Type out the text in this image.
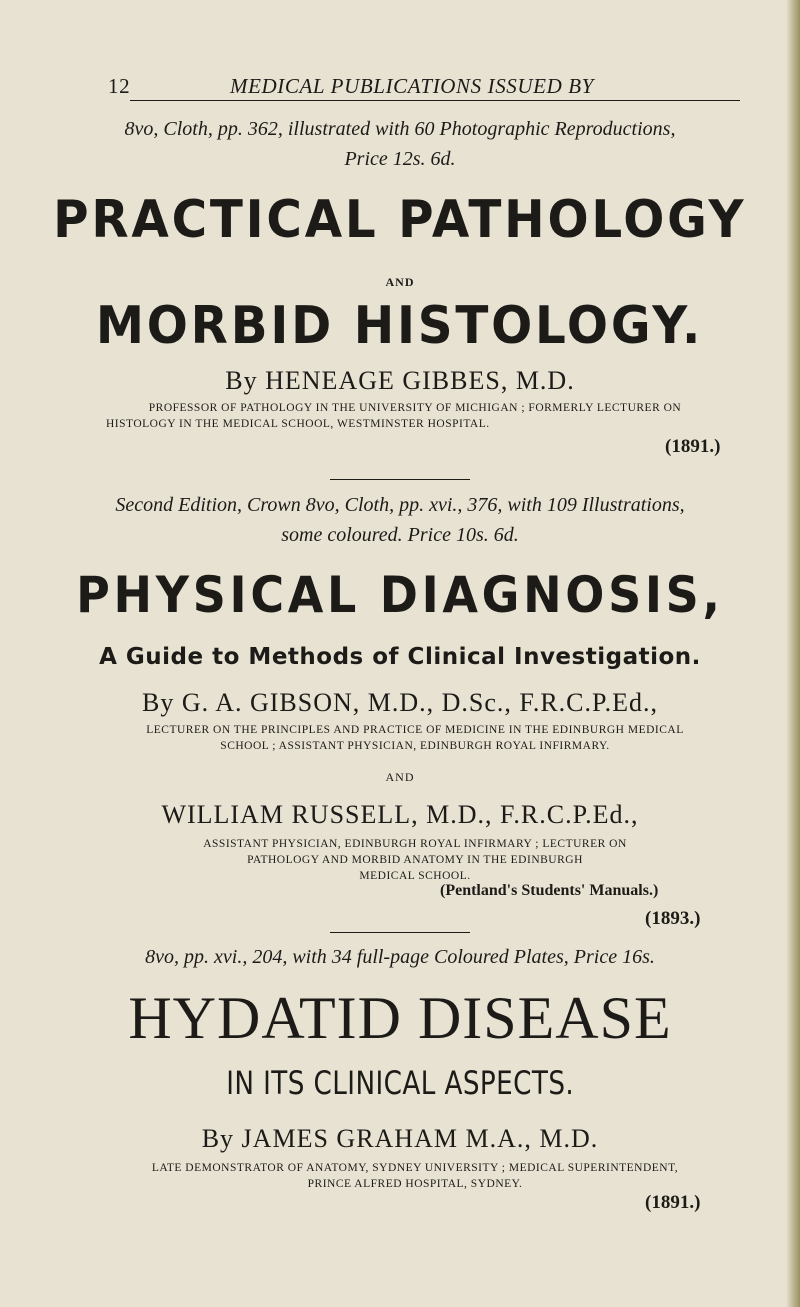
12	MEDICAL PUBLICATIONS ISSUED BY
8vo, Cloth, pp. 362, illustrated with 60 Photographic Reproductions,
Price 12s. 6d.
PRACTICAL PATHOLOGY
AND
MORBID HISTOLOGY.
By HENEAGE GIBBES, M.D.
PROFESSOR OF PATHOLOGY IN THE UNIVERSITY OF MICHIGAN ; FORMERLY LECTURER ON
HISTOLOGY IN THE MEDICAL SCHOOL, WESTMINSTER HOSPITAL.
(1891.)
Second Edition, Crown 8vo, Cloth, pp. xvi., 376, with 109 Illustrations,
some coloured. Price 10s. 6d.
PHYSICAL DIAGNOSIS,
A Guide to Methods of Clinical Investigation.
By G. A. GIBSON, M.D., D.Sc., F.R.C.P.Ed.,
LECTURER ON THE PRINCIPLES AND PRACTICE OF MEDICINE IN THE EDINBURGH MEDICAL
SCHOOL ; ASSISTANT PHYSICIAN, EDINBURGH ROYAL INFIRMARY.
AND
WILLIAM RUSSELL, M.D., F.R.C.P.Ed.,
ASSISTANT PHYSICIAN, EDINBURGH ROYAL INFIRMARY ; LECTURER ON
PATHOLOGY AND MORBID ANATOMY IN THE EDINBURGH
MEDICAL SCHOOL.
(Pentland's Students' Manuals.)
(1893.)
8vo, pp. xvi., 204, with 34 full-page Coloured Plates, Price 16s.
HYDATID DISEASE
IN ITS CLINICAL ASPECTS.
By JAMES GRAHAM M.A., M.D.
LATE DEMONSTRATOR OF ANATOMY, SYDNEY UNIVERSITY ; MEDICAL SUPERINTENDENT,
PRINCE ALFRED HOSPITAL, SYDNEY.
(1891.)
